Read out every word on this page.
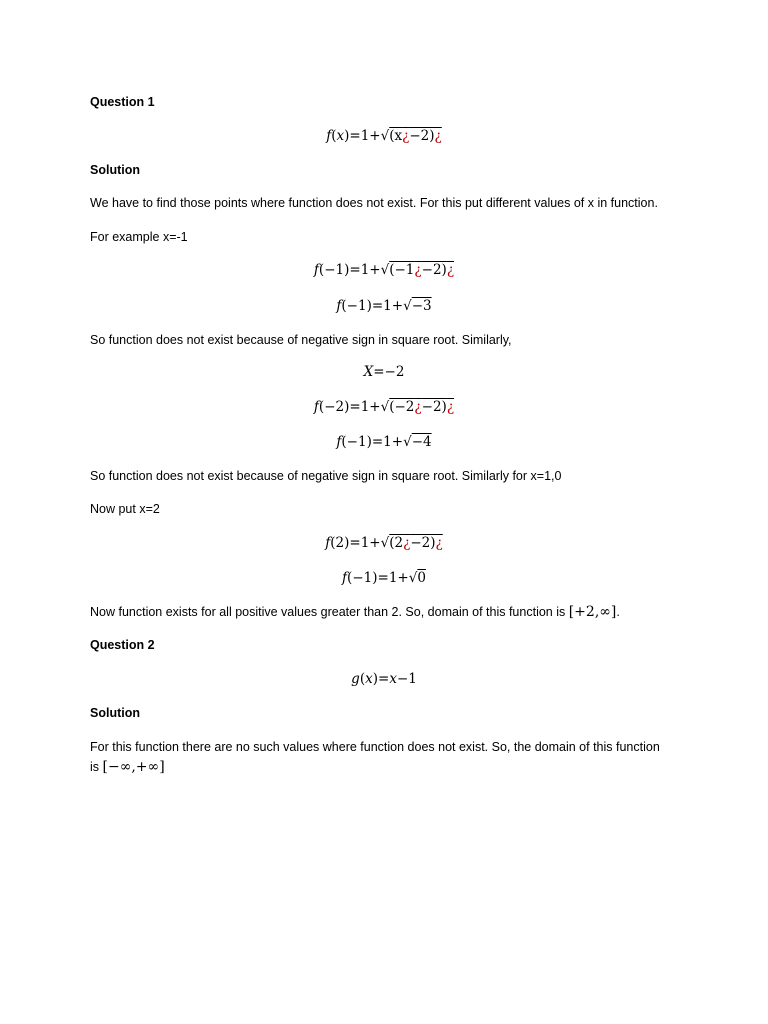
Question 1
f(x)=1+√(x¿−2)¿
Solution
We have to find those points where function does not exist. For this put different values of x in function.
For example x=-1
f(−1)=1+√(−1¿−2)¿
f(−1)=1+√−3
So function does not exist because of negative sign in square root. Similarly,
X=−2
f(−2)=1+√(−2¿−2)¿
f(−1)=1+√−4
So function does not exist because of negative sign in square root. Similarly for x=1,0
Now put x=2
f(2)=1+√(2¿−2)¿
f(−1)=1+√0
Now function exists for all positive values greater than 2. So, domain of this function is [+2,∞].
Question 2
g(x)=x−1
Solution
For this function there are no such values where function does not exist. So, the domain of this function
is [−∞,+∞]
